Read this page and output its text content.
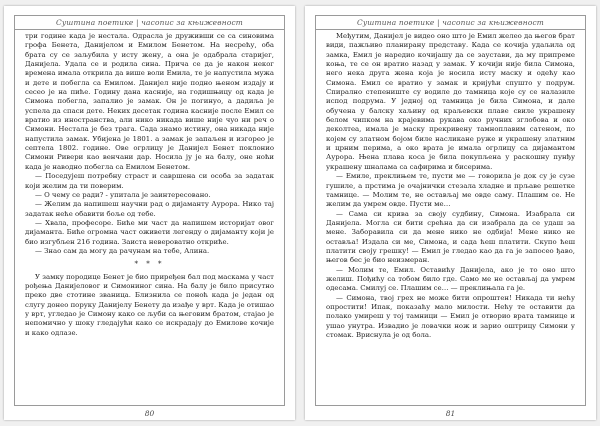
Суштина поетике | часопис за књижевност

три године када је нестала. Одрасла је друживши се са синовима грофа Бенета, Данијелом и Емилом Бенетом. На несрећу, оба брата су се заљубила у исту жену, а она је одабрала старијег, Данијела. Удала се и родила сина. Прича се да је након неког времена имала открила да више воли Емила, те је напустила мужа и дете и побегла са Емилом. Данијел није подно њеном издају и сесео је на пиће. Годину дана касније, на годишњицу од када је Симона побегла, запалио је замак. Он је погинуо, а дадиља је успела да спаси дете. Неких десетак година касније после Емил се вратио из иностранства, али нико никада више није чуо ни реч о Симони. Нестала је без трага. Сада знамо истину, она никада није напустила замак. Убијена је 1801. а замак је запаљен и изгорео је септела 1802. године. Ове огрлицу је Данијел Бенет поклонио Симони Ривери као венчани дар. Носила ју је на балу, оне ноћи када је наводно побегла са Емилом Бенетом.

— Поседујеш потребну страст и савршена си особа за задатак који желим да ти поверим.

— О чему се ради? - упитала је заинтересовано.

— Желим да напишеш научни рад о дијаманту Аурора. Нико тај задатак неће обавити боље од тебе.

— Хвала, професоре. Биће ми част да напишем историјат овог дијаманта. Биће огромна част оживети легенду о дијаманту који је био изгубљен 216 година. Заиста невероватно откриће.

— Знао сам да могу да рачунам на тебе, Алина.

* * *

У замку породице Бенет је био приређен бал под маскама у част рођења Данијеловог и Симониног сина. На балу је било присутно преко две стотине званица. Близнила се поноћ када је један од слугу донео поруку Данијелу Бенету да изађе у врт. Када је отишао у врт, угледао је Симону како се љуби са његовим братом, стајао је непомично у шоку гледајући како се искрадају до Емилове кочије и како одлазе.

80
Суштина поетике | часопис за књижевност

Међутим, Данијел је видео оно што је Емил желео да његов брат види, пажљиво планирану представу. Када се кочија удаљила од замка, Емил је наредио кочијашу да се заустави, да му припреме коња, те се он вратио назад у замак. У кочији није била Симона, него нека друга жена која је носила исту маску и одећу као Симона. Емил се вратио у замак и кријући спушто у подрум. Спирално степениште су водиле до тамница које су се налазиле испод подрума. У једној од тамница је била Симона, и дале обучена у балску хаљину од краљевски плаве свиле украшену белом чипком на крајевима рукава око ручних зглобова и око деколтеа, имала је маску прекривену тамноплавим сатеном, по којем су златном бојом биле насликане руже и украшену златним и црним перима, а око врата је имала огрлицу са дијамантом Аурора. Њена плава коса је била покупљена у раскошну пунђу украшену шналама са сафирима и бисерима.

— Емиле, преклињем те, пусти ме — говорила је док су је сузе гушиле, а прстима је очајнички стезала хладне и прљаве решетке тамнице. — Молим те, не остављај ме овде саму. Плашим се. Не желим да умрем овде. Пусти ме…

— Сама си крива за своју судбину, Симона. Изабрала си Данијела. Могла си бити срећна да си изабрала да се удаш за мене. Заборавила си да мене нико не одбија! Мене нико не оставља! Издала си ме, Симона, и сада ћеш платити. Скупо ћеш платити своју грешку! — Емил је гледао као да га је запосео ђаво, његов бес је био неизмеран.

— Молим те, Емил. Оставићу Данијела, ако је то оно што желиш. Пођићу са тобом било где. Само ме не остављај да умрем одесама. Смилуј се. Плашим се… — преклињала га је.

— Симона, твој грех не може бити опроштен! Никада ти нећу опростити! Ипак, показаћу мало милости. Нећу те оставити да полако умиреш у тој тамници — Емил је отворио врата тамнице и ушао унутра. Извадио је ловачки нож и зарио оштрицу Симони у стомак. Вриснула је од бола.

81
